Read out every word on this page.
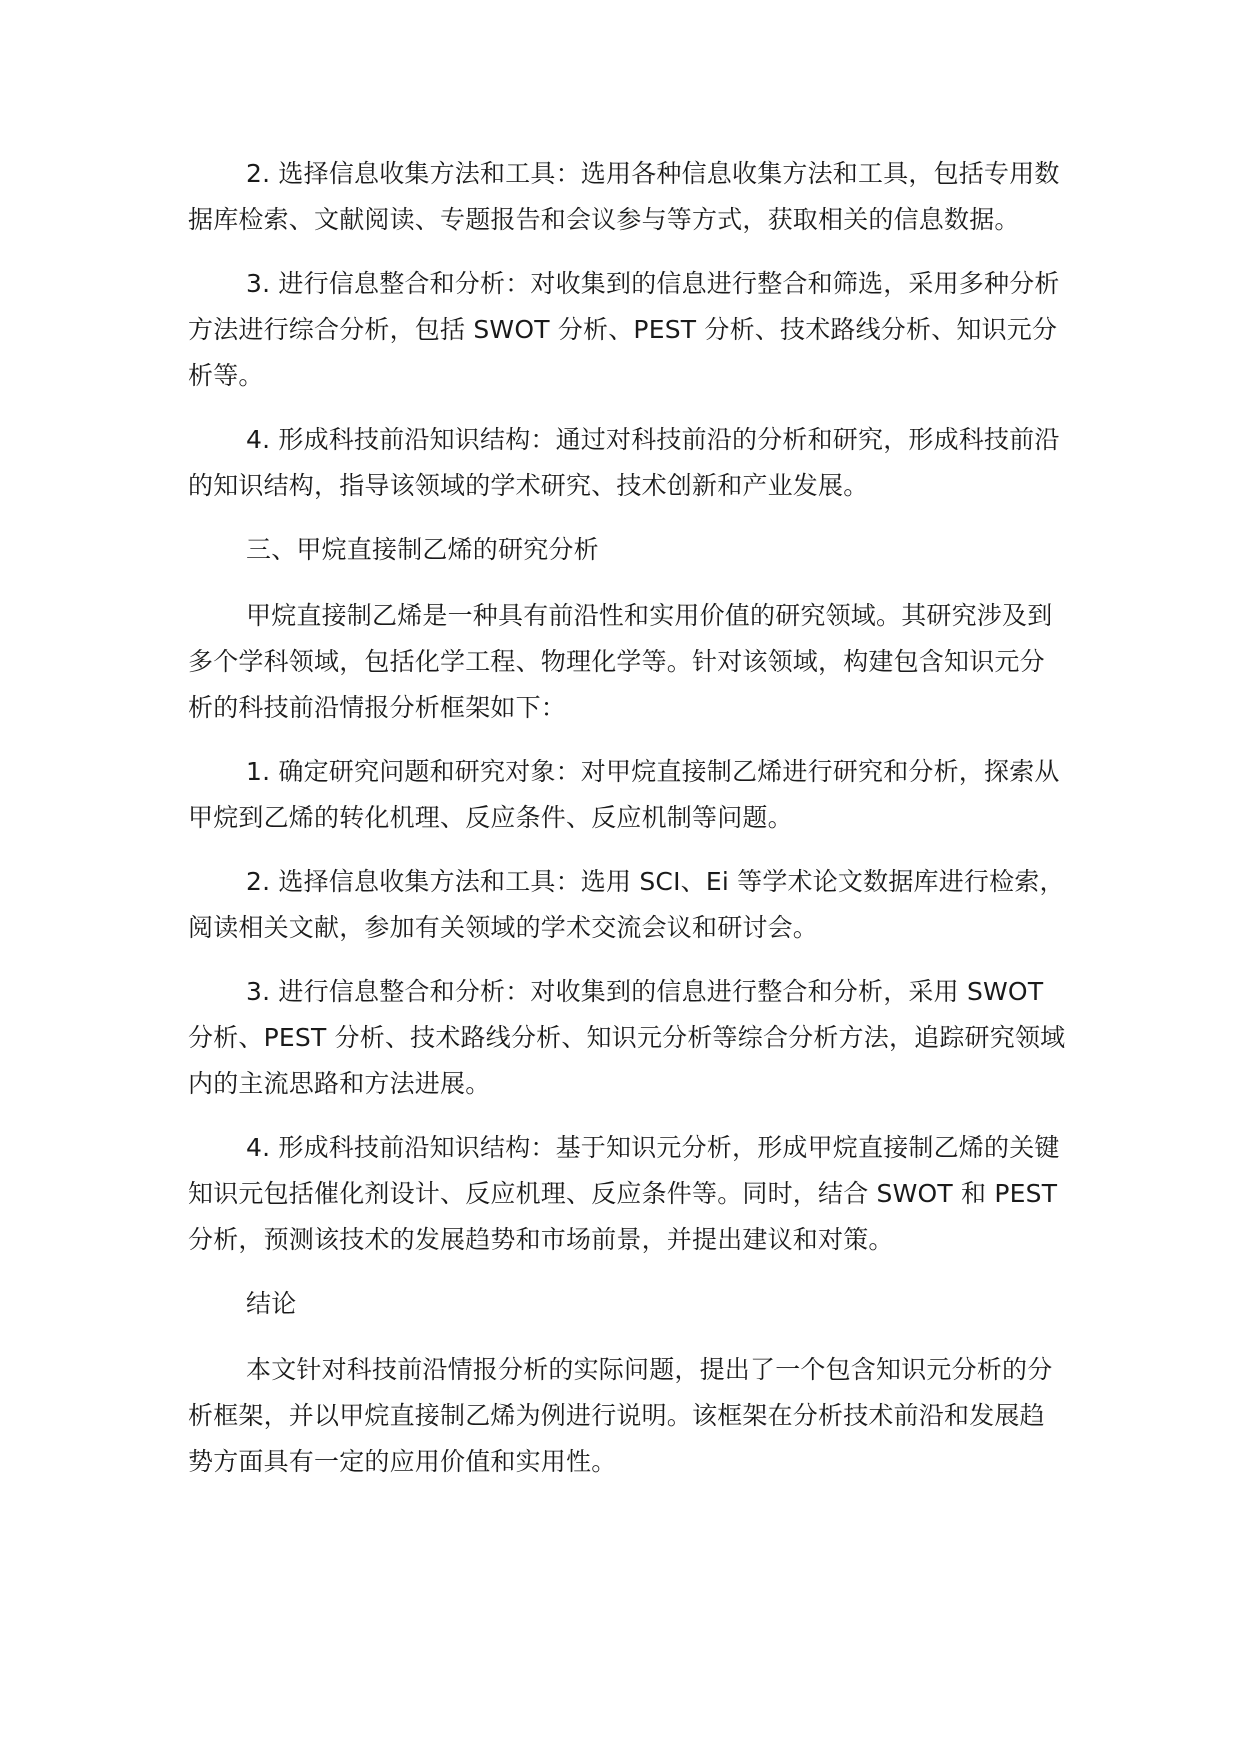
2. 选择信息收集方法和工具：选用各种信息收集方法和工具，包括专用数据库检索、文献阅读、专题报告和会议参与等方式，获取相关的信息数据。

3. 进行信息整合和分析：对收集到的信息进行整合和筛选，采用多种分析方法进行综合分析，包括 SWOT 分析、PEST 分析、技术路线分析、知识元分析等。

4. 形成科技前沿知识结构：通过对科技前沿的分析和研究，形成科技前沿的知识结构，指导该领域的学术研究、技术创新和产业发展。

三、甲烷直接制乙烯的研究分析

甲烷直接制乙烯是一种具有前沿性和实用价值的研究领域。其研究涉及到多个学科领域，包括化学工程、物理化学等。针对该领域，构建包含知识元分析的科技前沿情报分析框架如下：

1. 确定研究问题和研究对象：对甲烷直接制乙烯进行研究和分析，探索从甲烷到乙烯的转化机理、反应条件、反应机制等问题。

2. 选择信息收集方法和工具：选用 SCI、Ei 等学术论文数据库进行检索，阅读相关文献，参加有关领域的学术交流会议和研讨会。

3. 进行信息整合和分析：对收集到的信息进行整合和分析，采用 SWOT 分析、PEST 分析、技术路线分析、知识元分析等综合分析方法，追踪研究领域内的主流思路和方法进展。

4. 形成科技前沿知识结构：基于知识元分析，形成甲烷直接制乙烯的关键知识元包括催化剂设计、反应机理、反应条件等。同时，结合 SWOT 和 PEST 分析，预测该技术的发展趋势和市场前景，并提出建议和对策。

结论

本文针对科技前沿情报分析的实际问题，提出了一个包含知识元分析的分析框架，并以甲烷直接制乙烯为例进行说明。该框架在分析技术前沿和发展趋势方面具有一定的应用价值和实用性。
